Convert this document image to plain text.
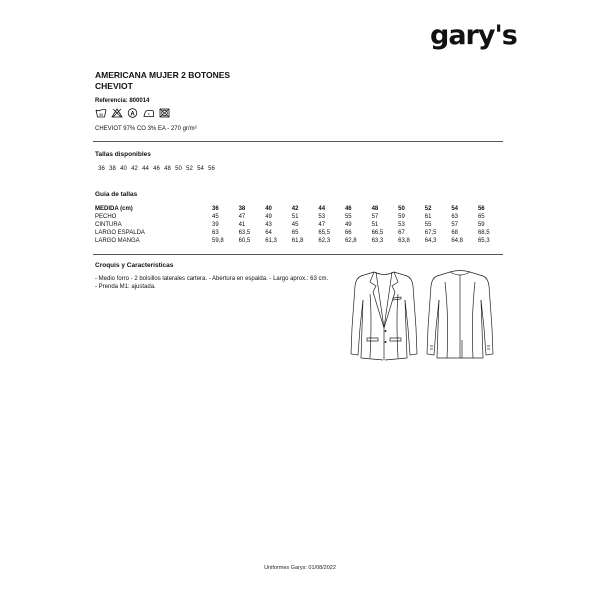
gary's
AMERICANA MUJER 2 BOTONES
CHEVIOT
Referencia: 800014
30	A
CHEVIOT 97% CO 3% EA - 270 gr/m²
Tallas disponibles
36 38 40 42 44 46 48 50 52 54 56
Guía de tallas
MEDIDA (cm)	36	38	40	42	44	46	48	50	52	54	56
PECHO	45	47	49	51	53	55	57	59	61	63	65
CINTURA	39	41	43	45	47	49	51	53	55	57	59
LARGO ESPALDA	63	63,5	64	65	65,5	66	66,5	67	67,5	68	68,5
LARGO MANGA	59,8	60,5	61,3	61,8	62,3	62,8	63,3	63,8	64,3	64,8	65,3
Croquis y Características
- Medio forro - 2 bolsillos laterales cartera. - Abertura en espalda. - Largo aprox.: 63 cm. - Prenda M1: ajustada.
Uniformes Garys: 01/08/2022
